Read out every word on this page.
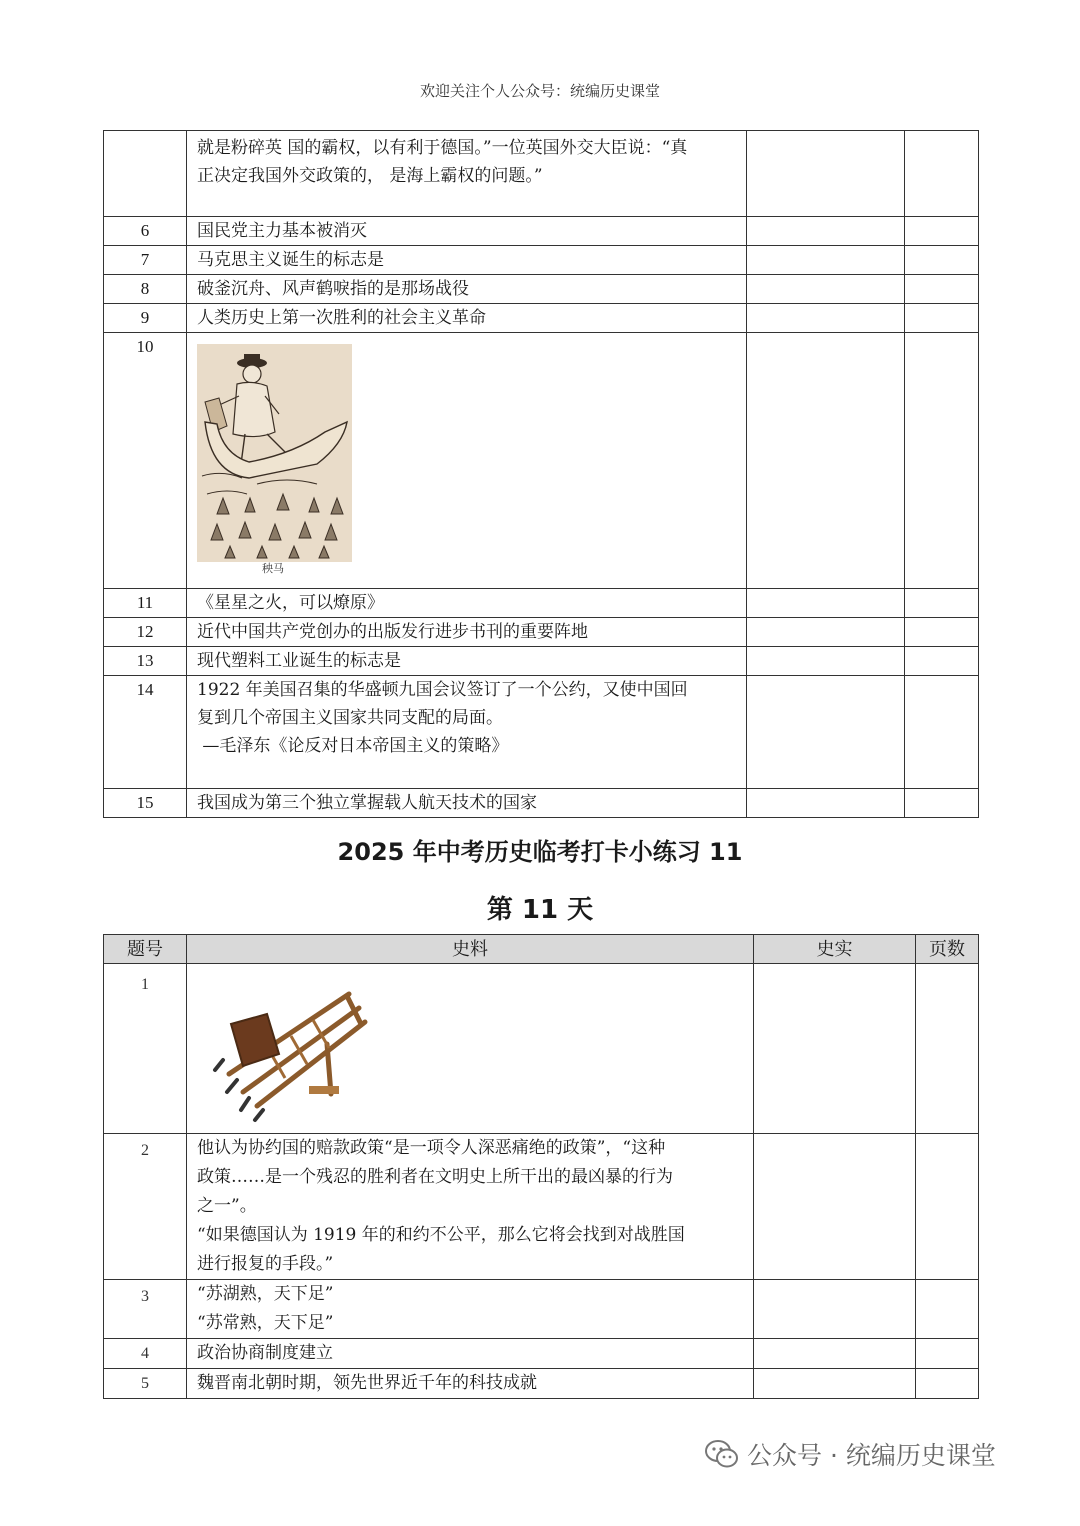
欢迎关注个人公众号：统编历史课堂

	就是粉碎英 国的霸权，以有利于德国。”一位英国外交大臣说：“真
正决定我国外交政策的， 是海上霸权的问题。”		

6	国民党主力基本被消灭		
7	马克思主义诞生的标志是		
8	破釜沉舟、风声鹤唳指的是那场战役		
9	人类历史上第一次胜利的社会主义革命		
10	秧马		

11	《星星之火，可以燎原》		
12	近代中国共产党创办的出版发行进步书刊的重要阵地		
13	现代塑料工业诞生的标志是		
14	1922 年美国召集的华盛顿九国会议签订了一个公约，又使中国回
复到几个帝国主义国家共同支配的局面。
—毛泽东《论反对日本帝国主义的策略》		

15	我国成为第三个独立掌握载人航天技术的国家		
2025 年中考历史临考打卡小练习 11
第 11 天
题号	史料	史实	页数
1	

2	他认为协约国的赔款政策“是一项令人深恶痛绝的政策”，“这种
政策……是一个残忍的胜利者在文明史上所干出的最凶暴的行为
之一”。
“如果德国认为 1919 年的和约不公平，那么它将会找到对战胜国
进行报复的手段。”		

3	“苏湖熟，天下足”
“苏常熟，天下足”		

4	政治协商制度建立		
5	魏晋南北朝时期，领先世界近千年的科技成就		
公众号 · 统编历史课堂
